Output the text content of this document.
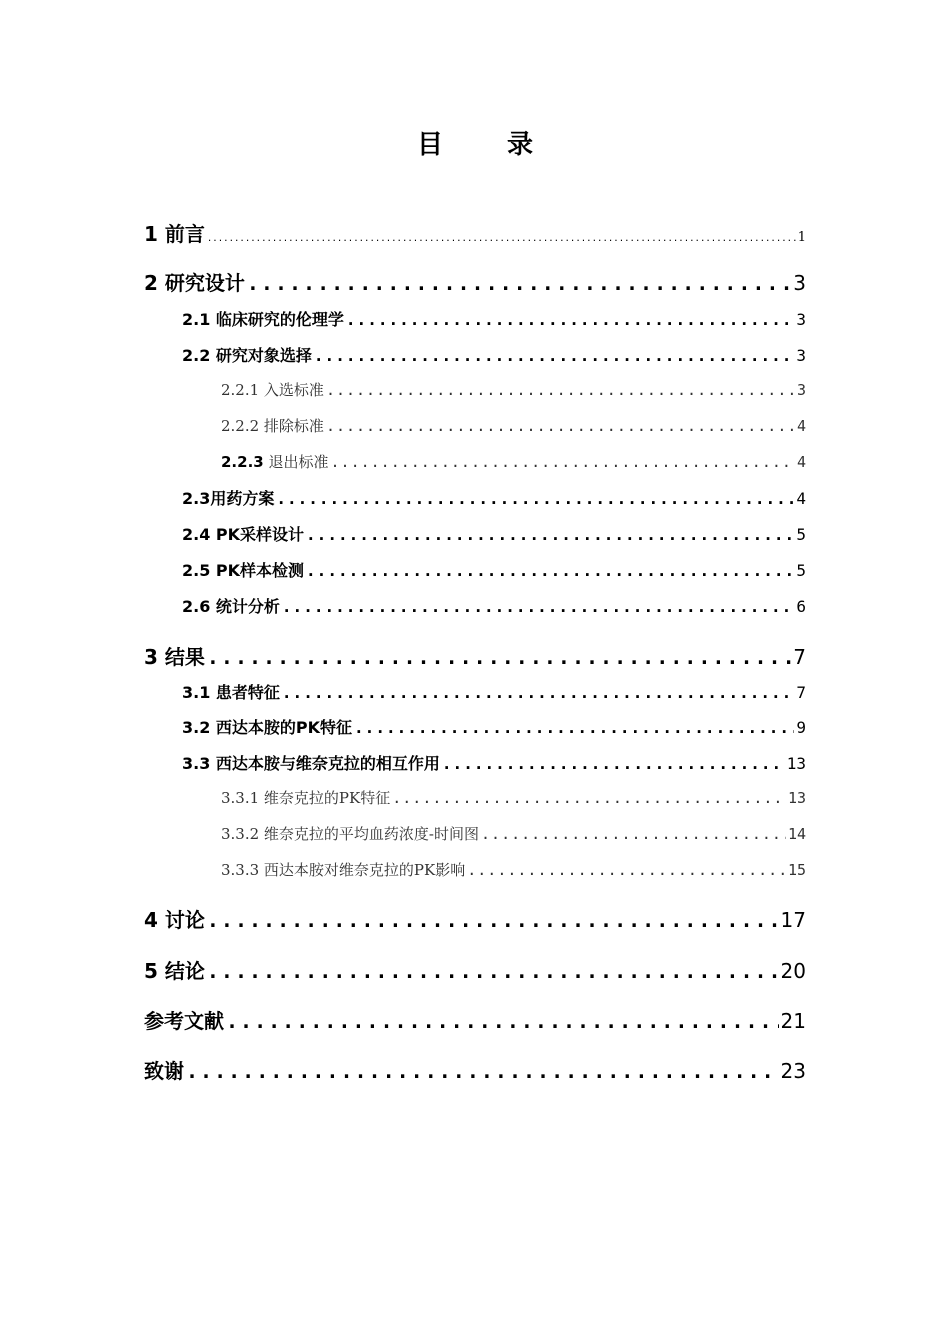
目 录
1 前言 .....	1
2 研究设计 .....	3
2.1 临床研究的伦理学 .....	3
2.2 研究对象选择 .....	3
2.2.1 入选标准 .....	3
2.2.2 排除标准 .....	4
2.2.3 退出标准 .....	4
2.3用药方案 .....	4
2.4 PK采样设计 .....	5
2.5 PK样本检测 .....	5
2.6 统计分析 .....	6
3 结果 .....	7
3.1 患者特征 .....	7
3.2 西达本胺的PK特征 .....	9
3.3 西达本胺与维奈克拉的相互作用 .....	13
3.3.1 维奈克拉的PK特征 .....	13
3.3.2 维奈克拉的平均血药浓度-时间图 .....	14
3.3.3 西达本胺对维奈克拉的PK影响 .....	15
4 讨论 .....	17
5 结论 .....	20
参考文献 .....	21
致谢 .....	23
